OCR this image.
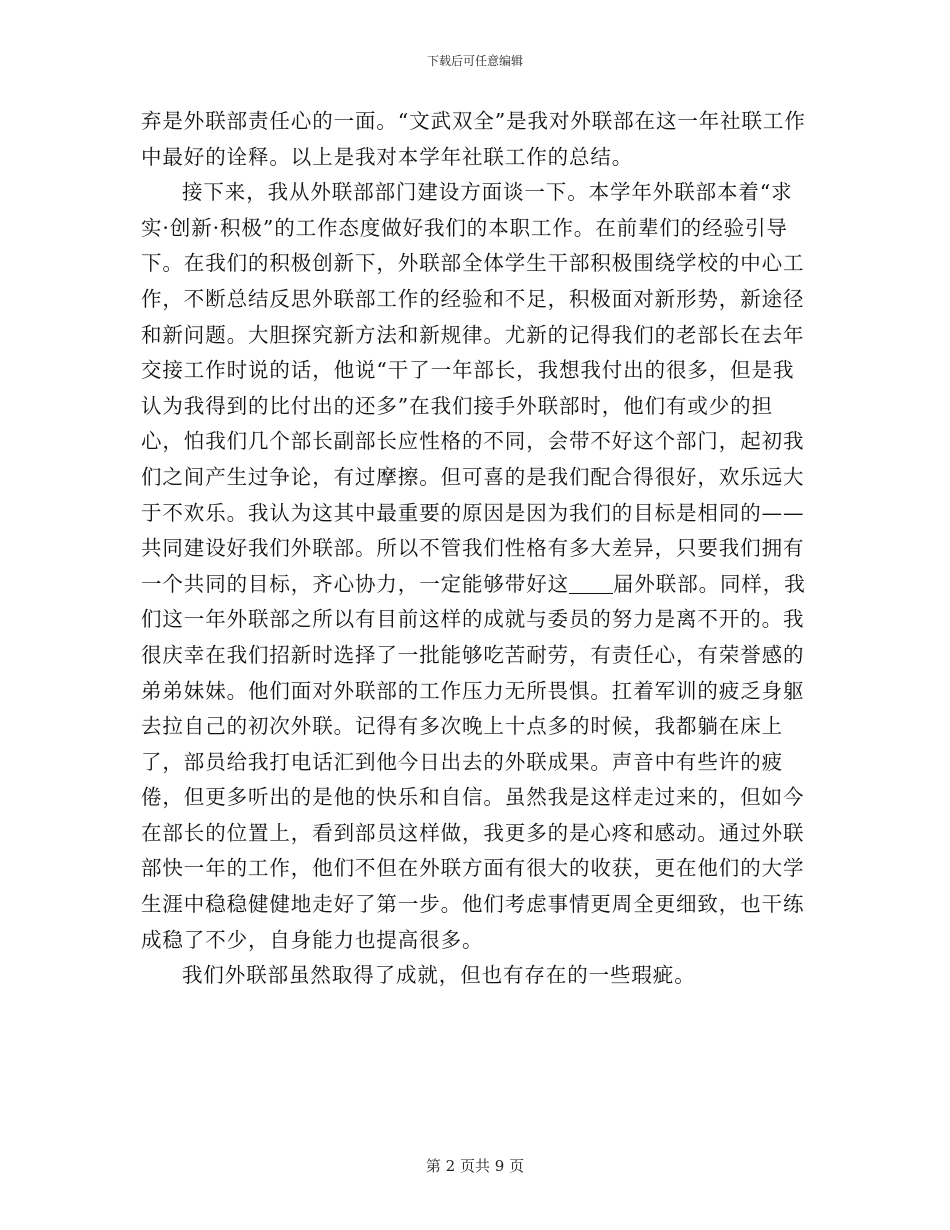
下载后可任意编辑

弃是外联部责任心的一面。“文武双全”是我对外联部在这一年社联工作中最好的诠释。以上是我对本学年社联工作的总结。

接下来，我从外联部部门建设方面谈一下。本学年外联部本着“求实·创新·积极”的工作态度做好我们的本职工作。在前辈们的经验引导下。在我们的积极创新下，外联部全体学生干部积极围绕学校的中心工作，不断总结反思外联部工作的经验和不足，积极面对新形势，新途径和新问题。大胆探究新方法和新规律。尤新的记得我们的老部长在去年交接工作时说的话，他说“干了一年部长，我想我付出的很多，但是我认为我得到的比付出的还多”在我们接手外联部时，他们有或少的担心，怕我们几个部长副部长应性格的不同，会带不好这个部门，起初我们之间产生过争论，有过摩擦。但可喜的是我们配合得很好，欢乐远大于不欢乐。我认为这其中最重要的原因是因为我们的目标是相同的——共同建设好我们外联部。所以不管我们性格有多大差异，只要我们拥有一个共同的目标，齐心协力，一定能够带好这 届外联部。同样，我们这一年外联部之所以有目前这样的成就与委员的努力是离不开的。我很庆幸在我们招新时选择了一批能够吃苦耐劳，有责任心，有荣誉感的弟弟妹妹。他们面对外联部的工作压力无所畏惧。扛着军训的疲乏身躯去拉自己的初次外联。记得有多次晚上十点多的时候，我都躺在床上了，部员给我打电话汇到他今日出去的外联成果。声音中有些许的疲倦，但更多听出的是他的快乐和自信。虽然我是这样走过来的，但如今在部长的位置上，看到部员这样做，我更多的是心疼和感动。通过外联部快一年的工作，他们不但在外联方面有很大的收获，更在他们的大学生涯中稳稳健健地走好了第一步。他们考虑事情更周全更细致，也干练成稳了不少，自身能力也提高很多。

我们外联部虽然取得了成就，但也有存在的一些瑕疵。

第 2 页共 9 页
